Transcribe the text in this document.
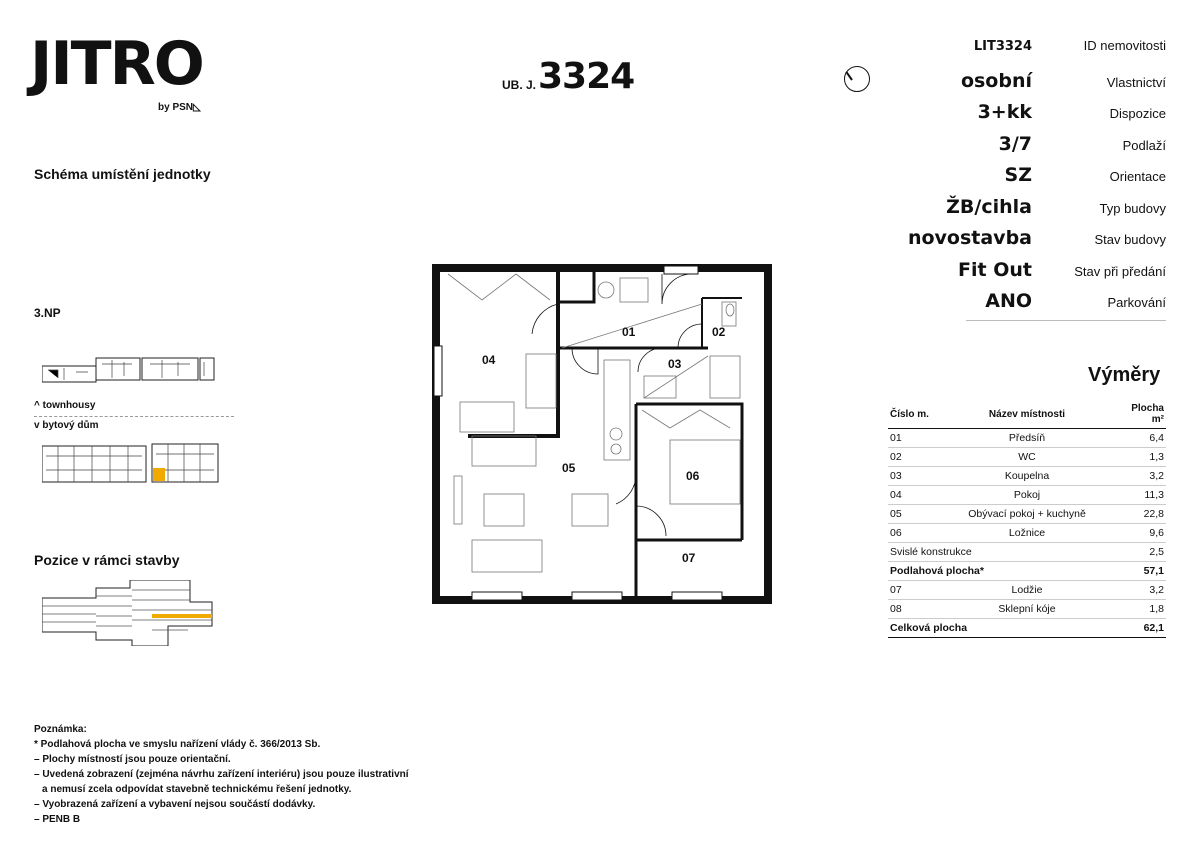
JITRO
by PSN◺
UB. J. 3324
LIT3324	ID nemovitosti
osobní	Vlastnictví
3+kk	Dispozice
3/7	Podlaží
SZ	Orientace
ŽB/cihla	Typ budovy
novostavba	Stav budovy
Fit Out	Stav při předání
ANO	Parkování
Schéma umístění jednotky
3.NP
^ townhousy
v bytový dům
Pozice v rámci stavby
04
01	02
03
05
06
07
Výměry
Číslo m.	Název místnosti	Plocha m²
01	Předsíň	6,4
02	WC	1,3
03	Koupelna	3,2
04	Pokoj	11,3
05	Obývací pokoj + kuchyně	22,8
06	Ložnice	9,6
Svislé konstrukce		2,5
Podlahová plocha*		57,1
07	Lodžie	3,2
08	Sklepní kóje	1,8
Celková plocha		62,1
Poznámka:
* Podlahová plocha ve smyslu nařízení vlády č. 366/2013 Sb.
– Plochy místností jsou pouze orientační.
– Uvedená zobrazení (zejména návrhu zařízení interiéru) jsou pouze ilustrativní
a nemusí zcela odpovídat stavebně technickému řešení jednotky.
– Vyobrazená zařízení a vybavení nejsou součástí dodávky.
– PENB B
